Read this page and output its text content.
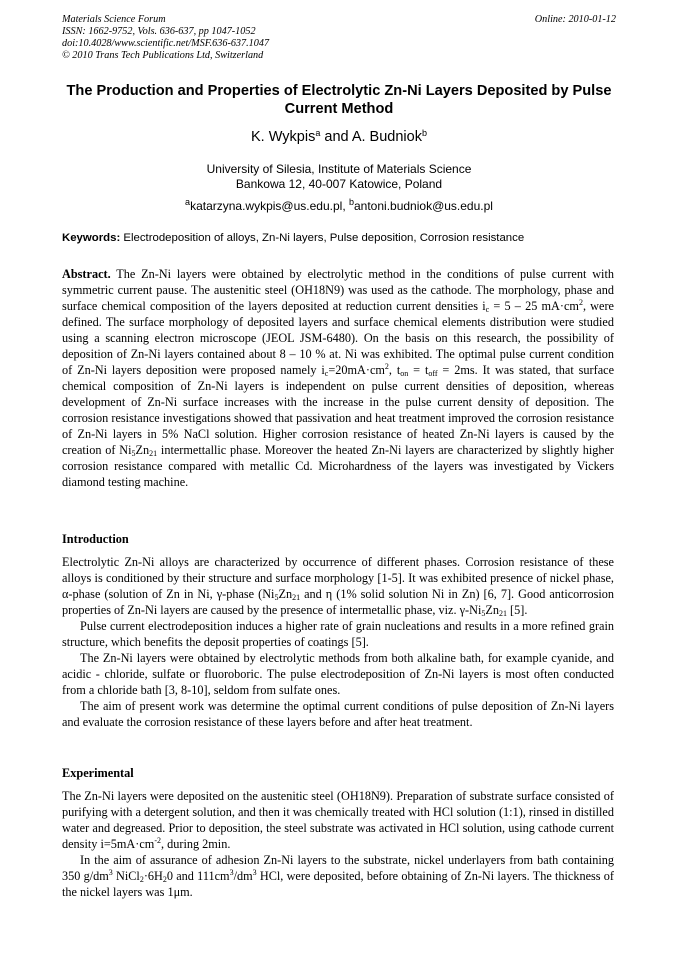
Materials Science Forum
ISSN: 1662-9752, Vols. 636-637, pp 1047-1052
doi:10.4028/www.scientific.net/MSF.636-637.1047
© 2010 Trans Tech Publications Ltd, Switzerland
Online: 2010-01-12
The Production and Properties of Electrolytic Zn-Ni Layers Deposited by Pulse Current Method
K. Wykpis$^a$ and A. Budniok$^b$
University of Silesia, Institute of Materials Science
Bankowa 12, 40-007 Katowice, Poland
$^a$katarzyna.wykpis@us.edu.pl, $^b$antoni.budniok@us.edu.pl
Keywords: Electrodeposition of alloys, Zn-Ni layers, Pulse deposition, Corrosion resistance

Abstract. The Zn-Ni layers were obtained by electrolytic method in the conditions of pulse current with symmetric current pause. The austenitic steel (OH18N9) was used as the cathode. The morphology, phase and surface chemical composition of the layers deposited at reduction current densities $i_c = 5 - 25$ $mA\cdot cm^2$, were defined. The surface morphology of deposited layers and surface chemical elements distribution were studied using a scanning electron microscope (JEOL JSM-6480). On the basis on this research, the possibility of deposition of Zn-Ni layers contained about 8 – 10 % at. Ni was exhibited. The optimal pulse current condition of Zn-Ni layers deposition were proposed namely $i_c=20mA\cdot cm^2$, $t_{on} = t_{off} = 2ms$. It was stated, that surface chemical composition of Zn-Ni layers is independent on pulse current densities of deposition, whereas development of Zn-Ni surface increases with the increase in the pulse current density of deposition. The corrosion resistance investigations showed that passivation and heat treatment improved the corrosion resistance of Zn-Ni layers in 5% NaCl solution. Higher corrosion resistance of heated Zn-Ni layers is caused by the creation of $Ni_5Zn_{21}$ intermettallic phase. Moreover the heated Zn-Ni layers are characterized by slightly higher corrosion resistance compared with metallic Cd. Microhardness of the layers was investigated by Vickers diamond testing machine.

Introduction

Electrolytic Zn-Ni alloys are characterized by occurrence of different phases. Corrosion resistance of these alloys is conditioned by their structure and surface morphology [1-5]. It was exhibited presence of nickel phase, α-phase (solution of Zn in Ni, γ-phase ($Ni_5Zn_{21}$ and η (1% solid solution Ni in Zn) [6, 7]. Good anticorrosion properties of Zn-Ni layers are caused by the presence of intermetallic phase, viz. $\gamma-Ni_5Zn_{21}$ [5].

Pulse current electrodeposition induces a higher rate of grain nucleations and results in a more refined grain structure, which benefits the deposit properties of coatings [5].

The Zn-Ni layers were obtained by electrolytic methods from both alkaline bath, for example cyanide, and acidic - chloride, sulfate or fluoroboric. The pulse electrodeposition of Zn-Ni layers is most often conducted from a chloride bath [3, 8-10], seldom from sulfate ones.

The aim of present work was determine the optimal current conditions of pulse deposition of Zn-Ni layers and evaluate the corrosion resistance of these layers before and after heat treatment.

Experimental

The Zn-Ni layers were deposited on the austenitic steel (OH18N9). Preparation of substrate surface consisted of purifying with a detergent solution, and then it was chemically treated with HCl solution (1:1), rinsed in distilled water and degreased. Prior to deposition, the steel substrate was activated in HCl solution, using cathode current density $i=5mA\cdot cm^{-2}$, during 2min.

In the aim of assurance of adhesion Zn-Ni layers to the substrate, nickel underlayers from bath containing 350 $g/dm^3$ $NiCl_2\cdot 6H_20$ and $111cm^3/dm^3$ HCl, were deposited, before obtaining of Zn-Ni layers. The thickness of the nickel layers was 1μm.
